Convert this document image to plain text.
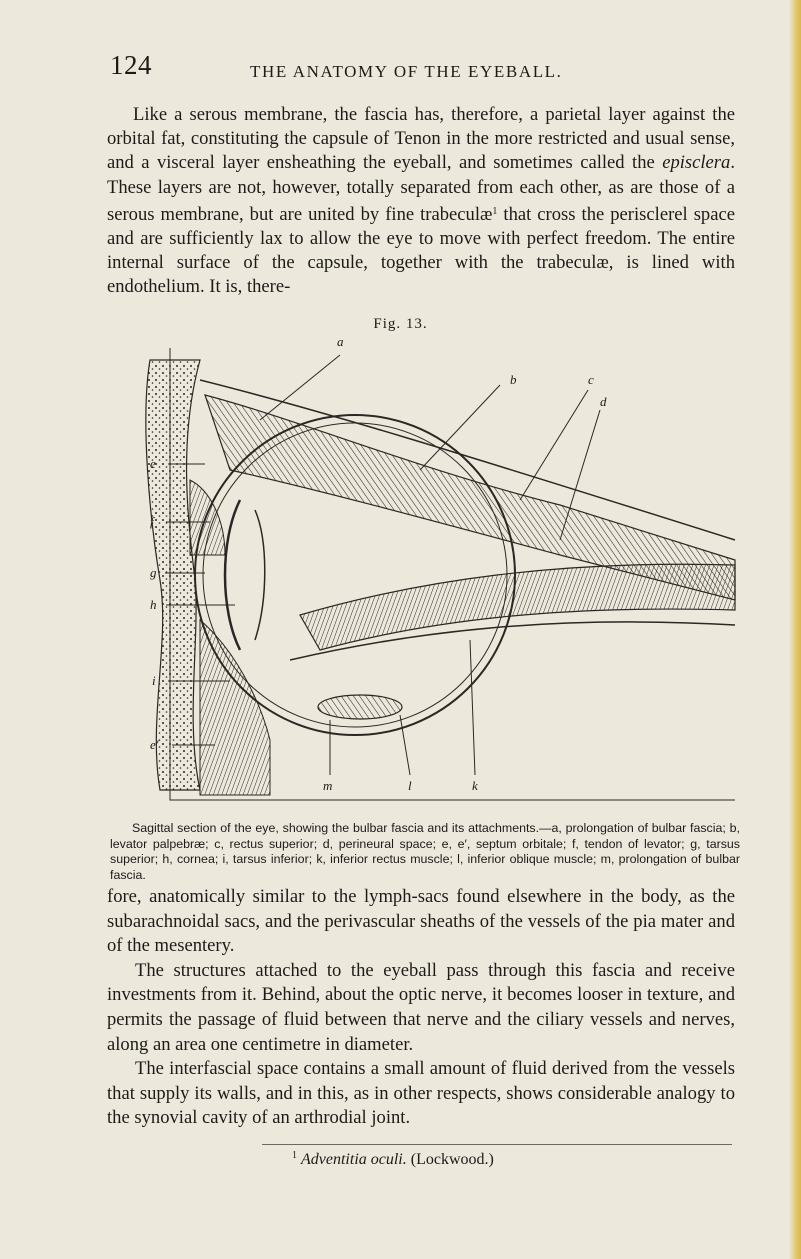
124	THE ANATOMY OF THE EYEBALL.

Like a serous membrane, the fascia has, therefore, a parietal layer against the orbital fat, constituting the capsule of Tenon in the more restricted and usual sense, and a visceral layer ensheathing the eyeball, and sometimes called the episclera. These layers are not, however, totally separated from each other, as are those of a serous membrane, but are united by fine trabeculæ$^1$ that cross the perisclerel space and are sufficiently lax to allow the eye to move with perfect freedom. The entire internal surface of the capsule, together with the trabeculæ, is lined with endothelium. It is, there-

Fig. 13.
a
b	c
d
e
f
g
h
i
e′
m	l	k

Sagittal section of the eye, showing the bulbar fascia and its attachments.—a, prolongation of bulbar fascia; b, levator palpebræ; c, rectus superior; d, perineural space; e, e′, septum orbitale; f, tendon of levator; g, tarsus superior; h, cornea; i, tarsus inferior; k, inferior rectus muscle; l, inferior oblique muscle; m, prolongation of bulbar fascia.

fore, anatomically similar to the lymph-sacs found elsewhere in the body, as the subarachnoidal sacs, and the perivascular sheaths of the vessels of the pia mater and of the mesentery.

The structures attached to the eyeball pass through this fascia and receive investments from it. Behind, about the optic nerve, it becomes looser in texture, and permits the passage of fluid between that nerve and the ciliary vessels and nerves, along an area one centimetre in diameter.

The interfascial space contains a small amount of fluid derived from the vessels that supply its walls, and in this, as in other respects, shows considerable analogy to the synovial cavity of an arthrodial joint.

$^1$ Adventitia oculi. (Lockwood.)
